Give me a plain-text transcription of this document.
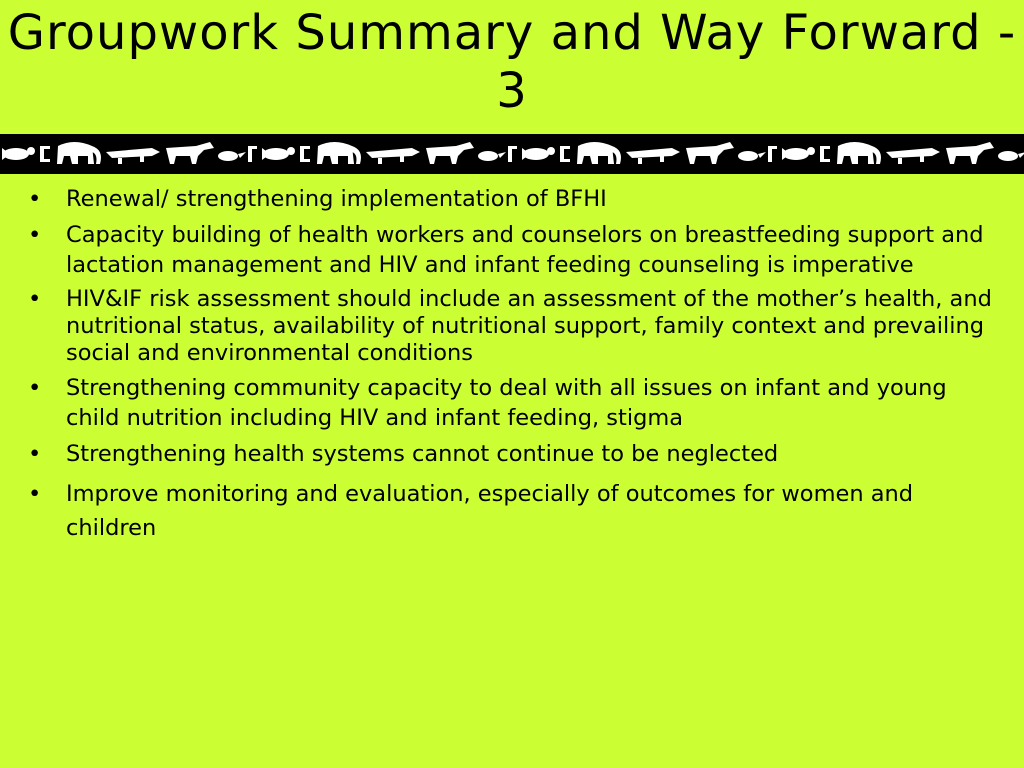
Groupwork Summary and Way Forward - 3
• Renewal/ strengthening implementation of BFHI
• Capacity building of health workers and counselors on breastfeeding support and lactation management and HIV and infant feeding counseling is imperative
• HIV&IF risk assessment should include an assessment of the mother’s health, and nutritional status, availability of nutritional support, family context and prevailing social and environmental conditions
• Strengthening community capacity to deal with all issues on infant and young child nutrition including HIV and infant feeding, stigma
• Strengthening health systems cannot continue to be neglected
• Improve monitoring and evaluation, especially of outcomes for women and children
